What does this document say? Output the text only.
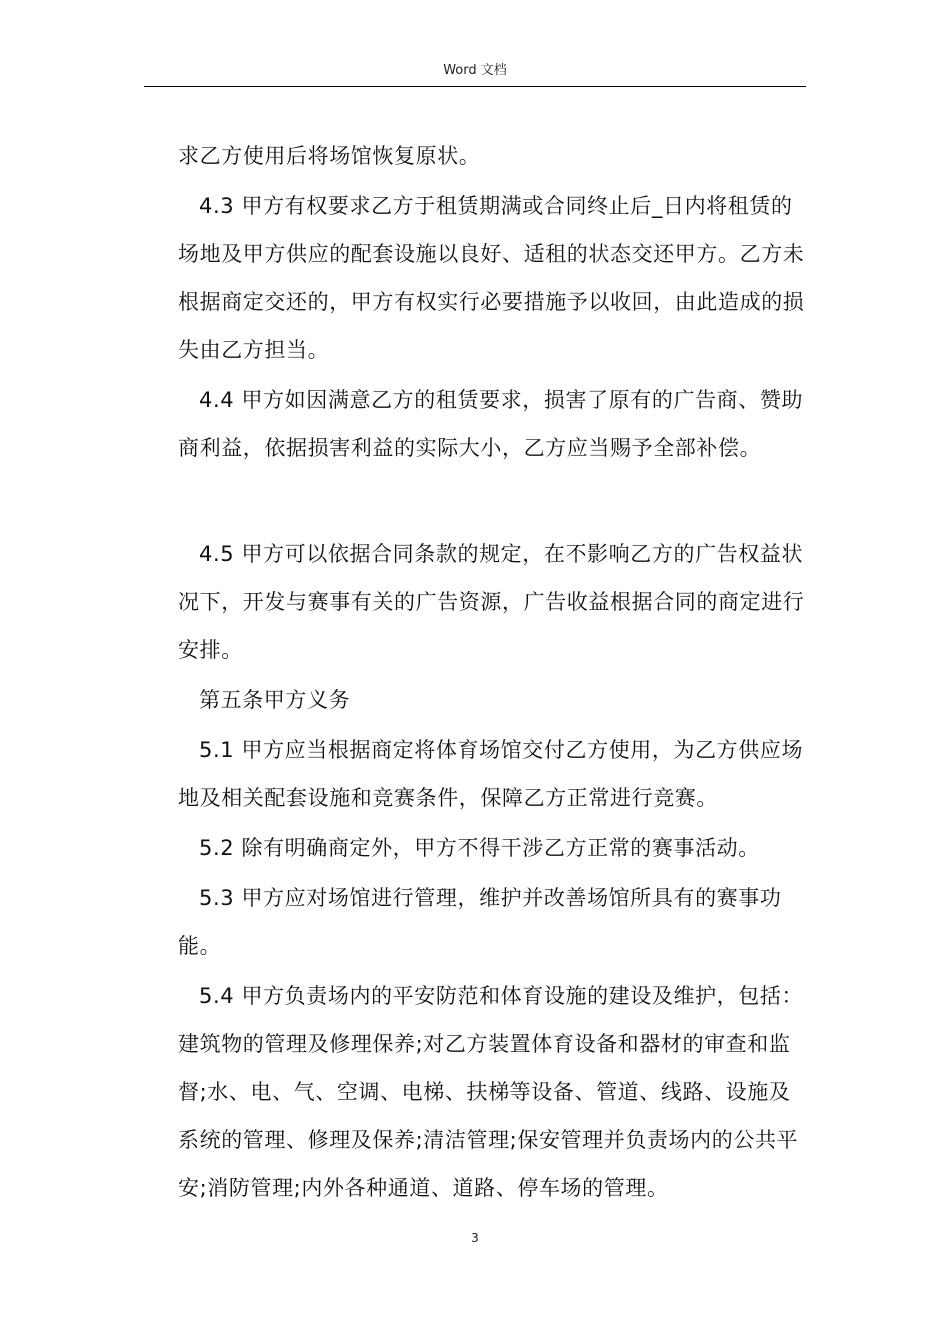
Word 文档

求乙方使用后将场馆恢复原状。

4.3 甲方有权要求乙方于租赁期满或合同终止后_日内将租赁的场地及甲方供应的配套设施以良好、适租的状态交还甲方。乙方未根据商定交还的，甲方有权实行必要措施予以收回，由此造成的损失由乙方担当。

4.4 甲方如因满意乙方的租赁要求，损害了原有的广告商、赞助商利益，依据损害利益的实际大小，乙方应当赐予全部补偿。

4.5 甲方可以依据合同条款的规定，在不影响乙方的广告权益状况下，开发与赛事有关的广告资源，广告收益根据合同的商定进行安排。

第五条甲方义务

5.1 甲方应当根据商定将体育场馆交付乙方使用，为乙方供应场地及相关配套设施和竞赛条件，保障乙方正常进行竞赛。

5.2 除有明确商定外，甲方不得干涉乙方正常的赛事活动。

5.3 甲方应对场馆进行管理，维护并改善场馆所具有的赛事功能。

5.4 甲方负责场内的平安防范和体育设施的建设及维护，包括：建筑物的管理及修理保养;对乙方装置体育设备和器材的审查和监督;水、电、气、空调、电梯、扶梯等设备、管道、线路、设施及系统的管理、修理及保养;清洁管理;保安管理并负责场内的公共平安;消防管理;内外各种通道、道路、停车场的管理。

3
